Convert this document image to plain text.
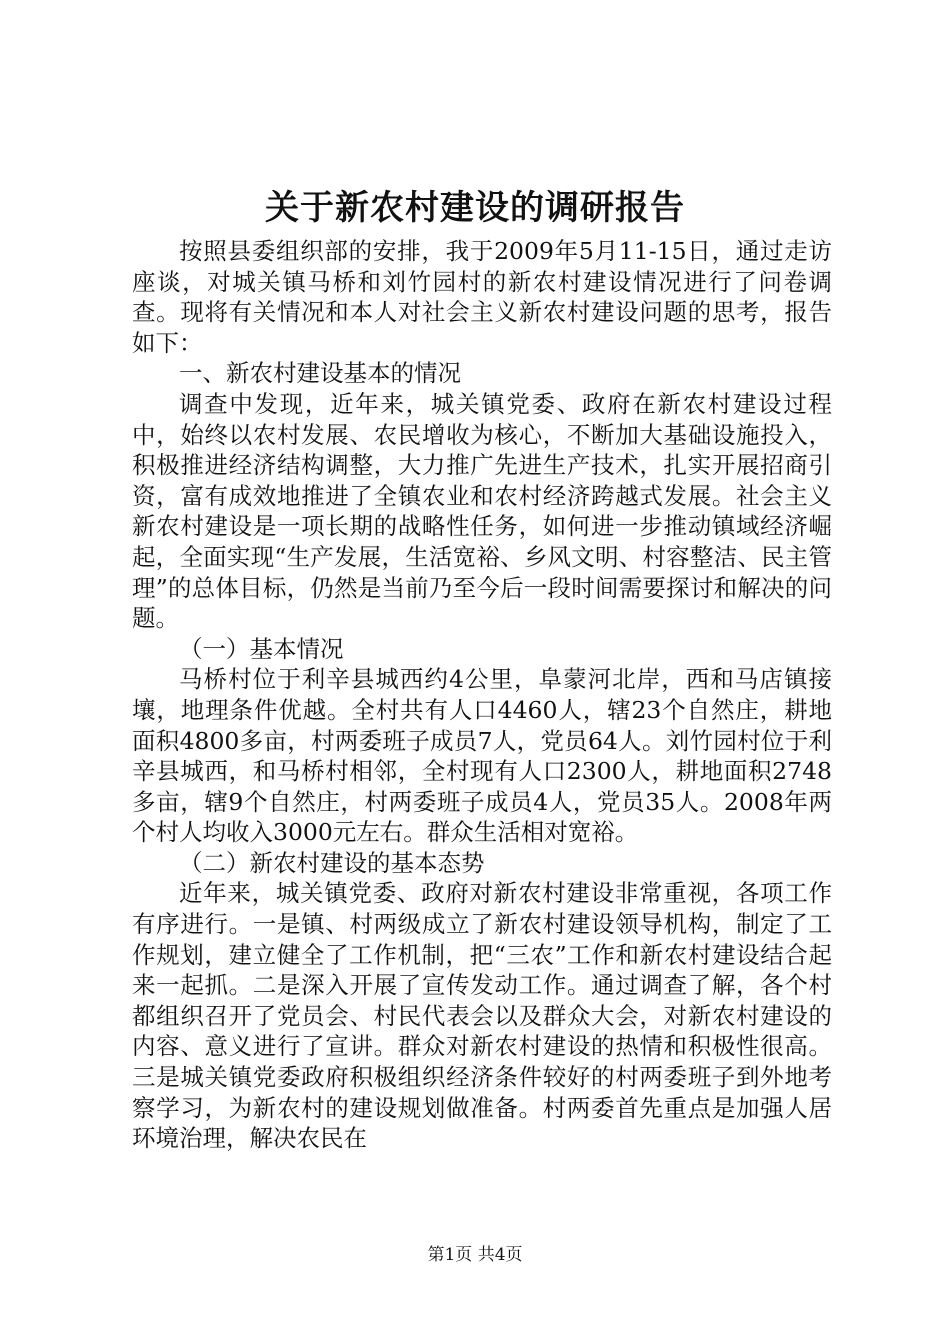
关于新农村建设的调研报告

按照县委组织部的安排，我于2009年5月11-15日，通过走访座谈，对城关镇马桥和刘竹园村的新农村建设情况进行了问卷调查。现将有关情况和本人对社会主义新农村建设问题的思考，报告如下：

一、新农村建设基本的情况

调查中发现，近年来，城关镇党委、政府在新农村建设过程中，始终以农村发展、农民增收为核心，不断加大基础设施投入，积极推进经济结构调整，大力推广先进生产技术，扎实开展招商引资，富有成效地推进了全镇农业和农村经济跨越式发展。社会主义新农村建设是一项长期的战略性任务，如何进一步推动镇域经济崛起，全面实现“生产发展，生活宽裕、乡风文明、村容整洁、民主管理”的总体目标，仍然是当前乃至今后一段时间需要探讨和解决的问题。

（一）基本情况

马桥村位于利辛县城西约4公里，阜蒙河北岸，西和马店镇接壤，地理条件优越。全村共有人口4460人，辖23个自然庄，耕地面积4800多亩，村两委班子成员7人，党员64人。刘竹园村位于利辛县城西，和马桥村相邻，全村现有人口2300人，耕地面积2748多亩，辖9个自然庄，村两委班子成员4人，党员35人。2008年两个村人均收入3000元左右。群众生活相对宽裕。

（二）新农村建设的基本态势

近年来，城关镇党委、政府对新农村建设非常重视，各项工作有序进行。一是镇、村两级成立了新农村建设领导机构，制定了工作规划，建立健全了工作机制，把“三农”工作和新农村建设结合起来一起抓。二是深入开展了宣传发动工作。通过调查了解，各个村都组织召开了党员会、村民代表会以及群众大会，对新农村建设的内容、意义进行了宣讲。群众对新农村建设的热情和积极性很高。三是城关镇党委政府积极组织经济条件较好的村两委班子到外地考察学习，为新农村的建设规划做准备。村两委首先重点是加强人居环境治理，解决农民在

第1页 共4页
